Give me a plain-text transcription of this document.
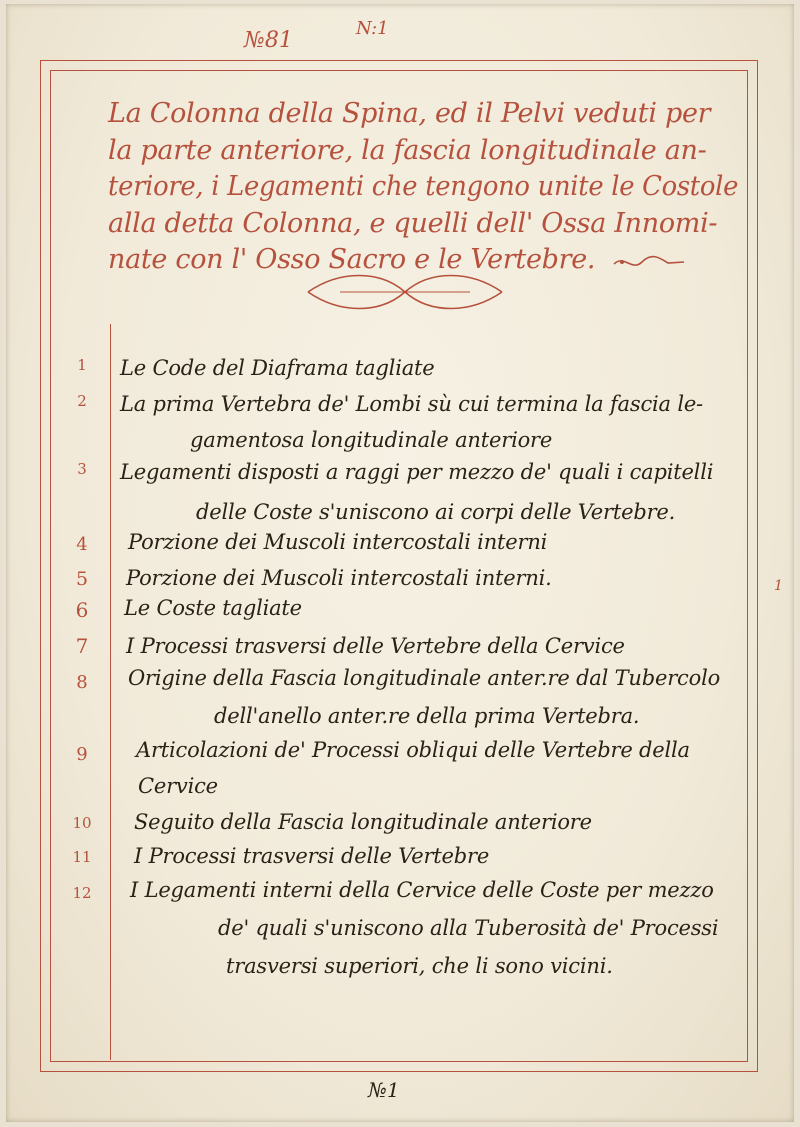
№81	N:1
№1
1
La Colonna della Spina, ed il Pelvi veduti per
la parte anteriore, la fascia longitudinale an-
teriore, i Legamenti che tengono unite le Costole
alla detta Colonna, e quelli dell' Ossa Innomi-
nate con l' Osso Sacro e le Vertebre.
1	Le Code del Diaframa tagliate
2	La prima Vertebra de' Lombi sù cui termina la fascia le-
gamentosa longitudinale anteriore
3	Legamenti disposti a raggi per mezzo de' quali i capitelli
delle Coste s'uniscono ai corpi delle Vertebre.
4	Porzione dei Muscoli intercostali interni
5	Porzione dei Muscoli intercostali interni.
6	Le Coste tagliate
7	I Processi trasversi delle Vertebre della Cervice
8	Origine della Fascia longitudinale anter.re dal Tubercolo
dell'anello anter.re della prima Vertebra.
9	Articolazioni de' Processi obliqui delle Vertebre della
Cervice
10	Seguito della Fascia longitudinale anteriore
11	I Processi trasversi delle Vertebre
12	I Legamenti interni della Cervice delle Coste per mezzo
de' quali s'uniscono alla Tuberosità de' Processi
trasversi superiori, che li sono vicini.
